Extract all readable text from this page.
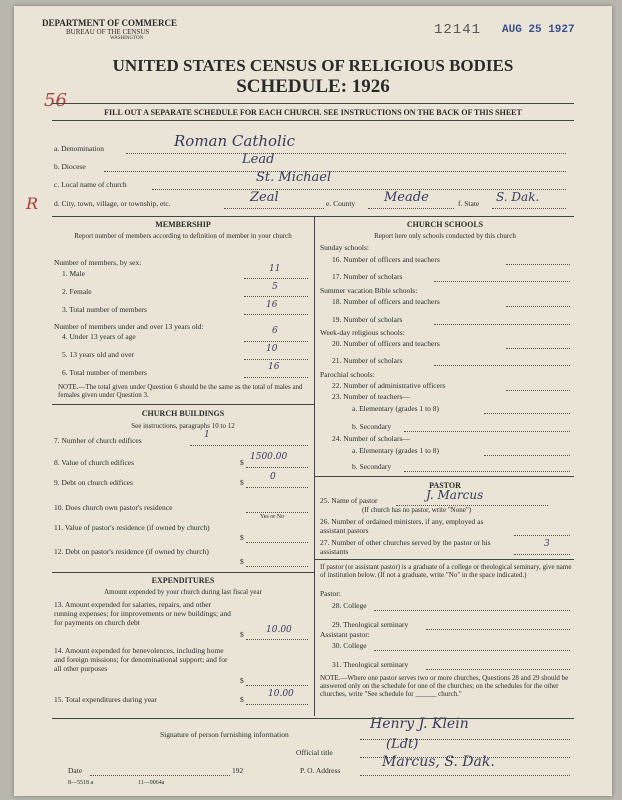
DEPARTMENT OF COMMERCE
BUREAU OF THE CENSUS
WASHINGTON
12141 AUG 25 1927
UNITED STATES CENSUS OF RELIGIOUS BODIES
SCHEDULE: 1926
56
R
FILL OUT A SEPARATE SCHEDULE FOR EACH CHURCH. SEE INSTRUCTIONS ON THE BACK OF THIS SHEET
a. Denomination	Roman Catholic
b. Diocese	Lead
c. Local name of church	St. Michael
d. City, town, village, or township, etc.	Zeal	e. County Meade	f. State S. Dak.
MEMBERSHIP
Report number of members according to definition of member in your church
Number of members, by sex:
1. Male	11
2. Female	5
3. Total number of members	16
Number of members under and over 13 years old:
4. Under 13 years of age
6
5. 13 years old and over
10
6. Total number of members
16
NOTE.—The total given under Question 6 should be the same as the total of males and females given under Question 3.
CHURCH BUILDINGS
See instructions, paragraphs 10 to 12
7. Number of church edifices
1
8. Value of church edifices	$
1500.00
9. Debt on church edifices	$
0
10. Does church own pastor's residence
Yes or No
11. Value of pastor's residence (if owned by church)
$
12. Debt on pastor's residence (if owned by church)
$
EXPENDITURES
Amount expended by your church during last fiscal year
13. Amount expended for salaries, repairs, and other running expenses; for improvements or new buildings; and for payments on church debt
$ 10.00
14. Amount expended for benevolences, including home and foreign missions; for denominational support; and for all other purposes
$
15. Total expenditures during year	$
10.00
CHURCH SCHOOLS
Report here only schools conducted by this church
Sunday schools:
16. Number of officers and teachers
17. Number of scholars
Summer vacation Bible schools:
18. Number of officers and teachers
19. Number of scholars
Week-day religious schools:
20. Number of officers and teachers
21. Number of scholars
Parochial schools:
22. Number of administrative officers
23. Number of teachers—
a. Elementary (grades 1 to 8)
b. Secondary
24. Number of scholars—
a. Elementary (grades 1 to 8)
b. Secondary
PASTOR
25. Name of pastor	J. Marcus
(If church has no pastor, write "None")
26. Number of ordained ministers, if any, employed as assistant pastors
27. Number of other churches served by the pastor or his assistants
3
If pastor (or assistant pastor) is a graduate of a college or theological seminary, give name of institution below. (If not a graduate, write "No" in the space indicated.)
Pastor:
28. College
29. Theological seminary
Assistant pastor:
30. College
31. Theological seminary
NOTE.—Where one pastor serves two or more churches, Questions 28 and 29 should be answered only on the schedule for one of the churches; on the schedules for the other churches, write "See schedule for ______ church."
Signature of person furnishing information
Henry J. Klein
Official title
(Ldt)
Date	192	P. O. Address
Marcus, S. Dak.
8—5518 a	11—9064a
